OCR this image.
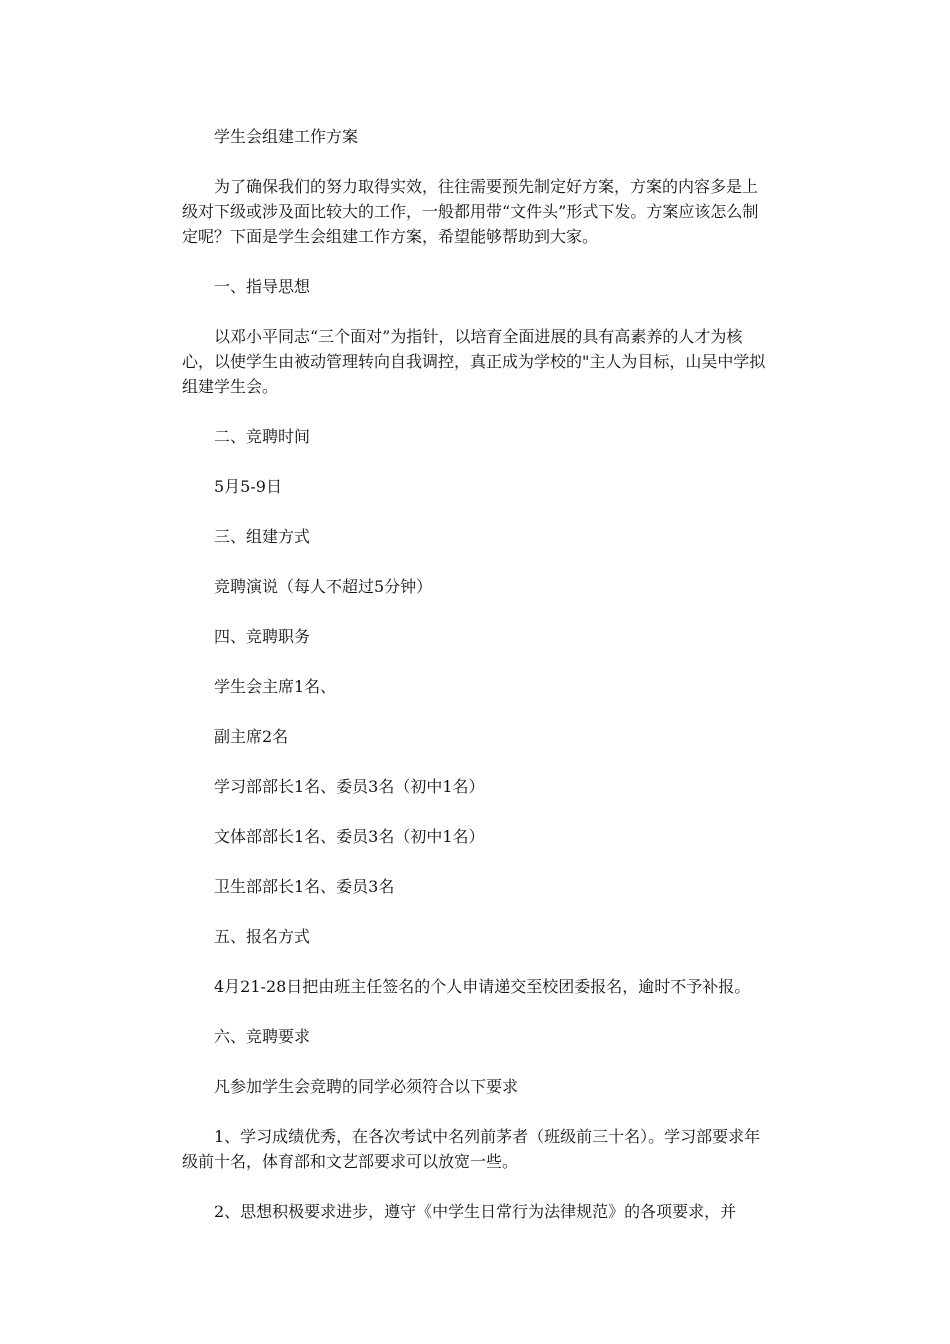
学生会组建工作方案

为了确保我们的努力取得实效，往往需要预先制定好方案，方案的内容多是上级对下级或涉及面比较大的工作，一般都用带“文件头”形式下发。方案应该怎么制定呢？下面是学生会组建工作方案，希望能够帮助到大家。

一、指导思想

以邓小平同志“三个面对”为指针，以培育全面进展的具有高素养的人才为核心，以使学生由被动管理转向自我调控，真正成为学校的"主人为目标，山吴中学拟组建学生会。

二、竞聘时间

5月5-9日

三、组建方式

竞聘演说（每人不超过5分钟）

四、竞聘职务

学生会主席1名、

副主席2名

学习部部长1名、委员3名（初中1名）

文体部部长1名、委员3名（初中1名）

卫生部部长1名、委员3名

五、报名方式

4月21-28日把由班主任签名的个人申请递交至校团委报名，逾时不予补报。

六、竞聘要求

凡参加学生会竞聘的同学必须符合以下要求

1、学习成绩优秀，在各次考试中名列前茅者（班级前三十名）。学习部要求年级前十名，体育部和文艺部要求可以放宽一些。

2、思想积极要求进步，遵守《中学生日常行为法律规范》的各项要求，并
